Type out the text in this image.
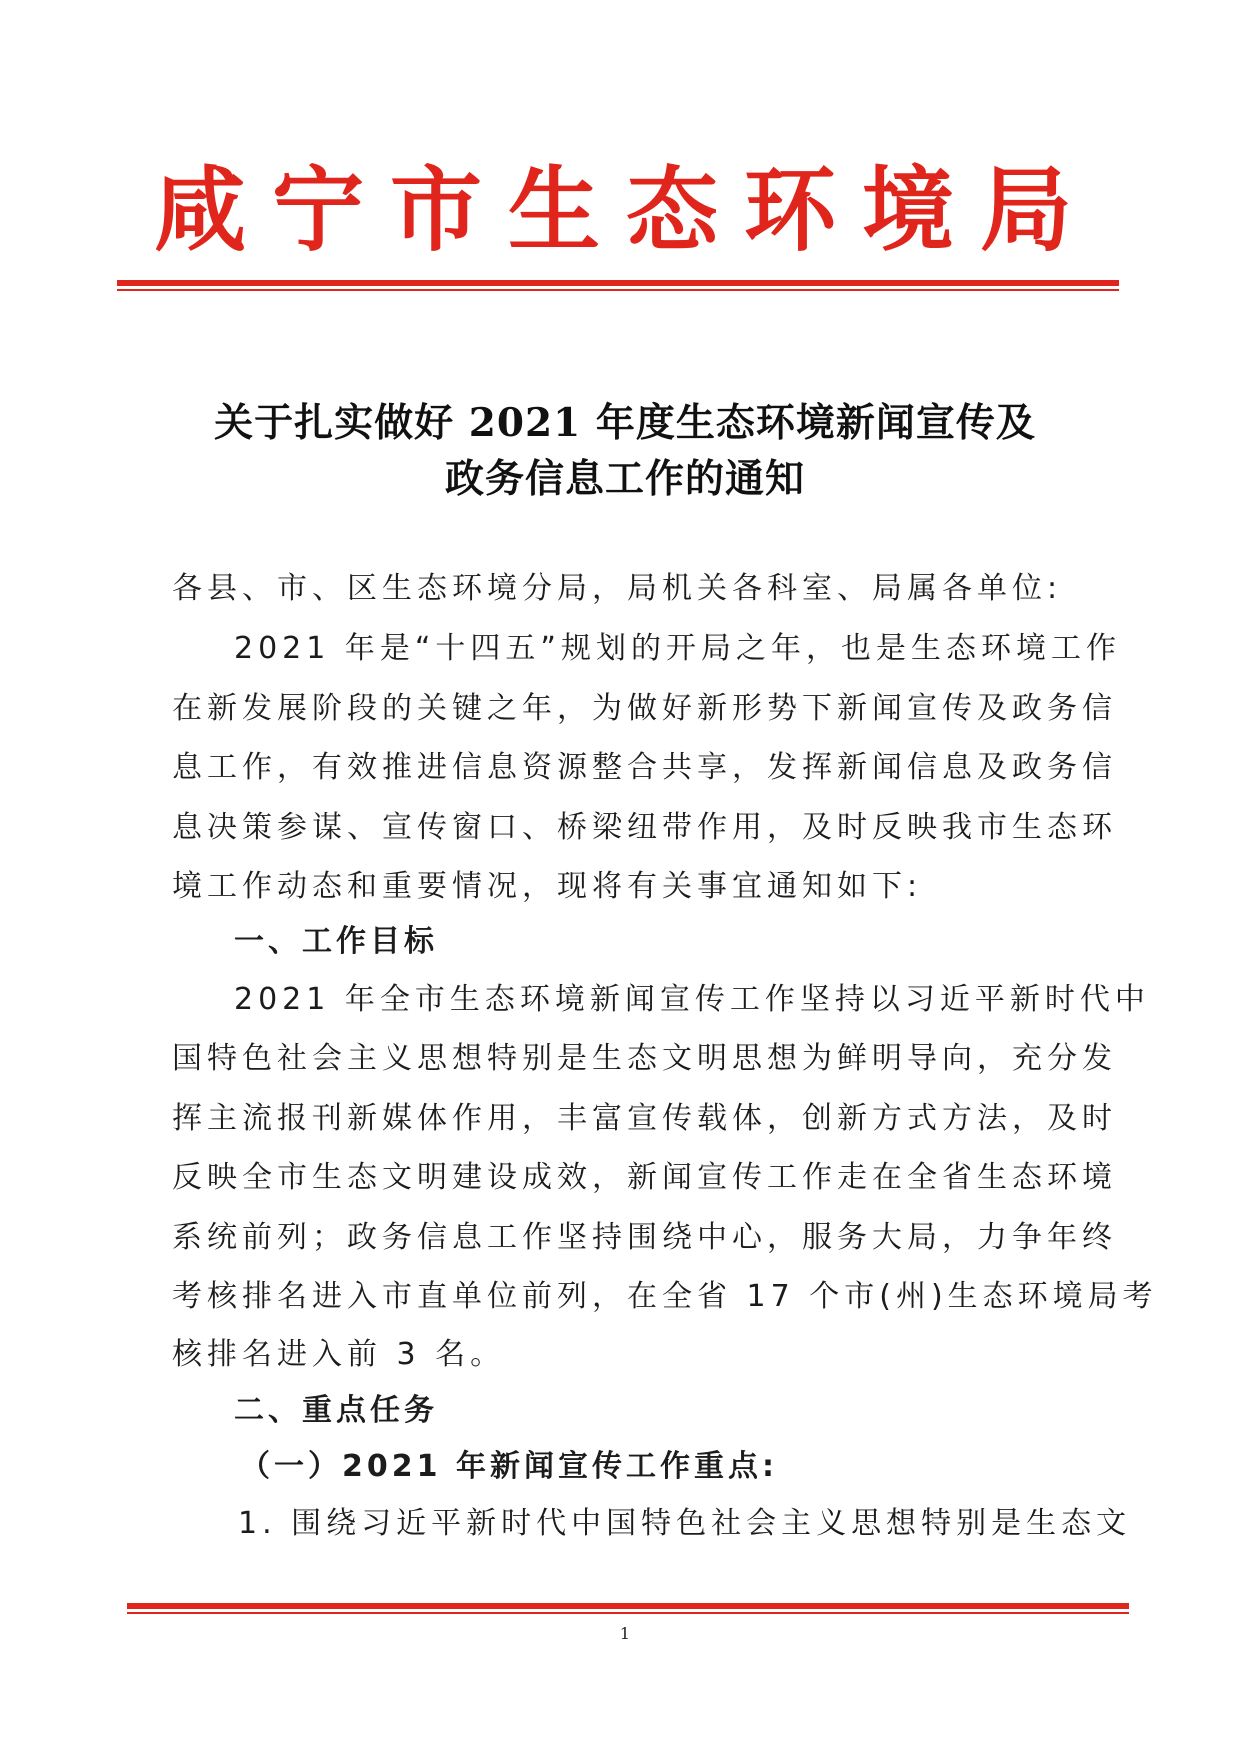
咸宁市生态环境局
关于扎实做好 2021 年度生态环境新闻宣传及
政务信息工作的通知
各县、市、区生态环境分局，局机关各科室、局属各单位:
2021 年是“十四五”规划的开局之年，也是生态环境工作
在新发展阶段的关键之年，为做好新形势下新闻宣传及政务信
息工作，有效推进信息资源整合共享，发挥新闻信息及政务信
息决策参谋、宣传窗口、桥梁纽带作用，及时反映我市生态环
境工作动态和重要情况，现将有关事宜通知如下:
一、工作目标
2021 年全市生态环境新闻宣传工作坚持以习近平新时代中
国特色社会主义思想特别是生态文明思想为鲜明导向，充分发
挥主流报刊新媒体作用，丰富宣传载体，创新方式方法，及时
反映全市生态文明建设成效，新闻宣传工作走在全省生态环境
系统前列；政务信息工作坚持围绕中心，服务大局，力争年终
考核排名进入市直单位前列，在全省 17 个市(州)生态环境局考
核排名进入前 3 名。
二、重点任务
（一）2021 年新闻宣传工作重点:
1. 围绕习近平新时代中国特色社会主义思想特别是生态文
1
